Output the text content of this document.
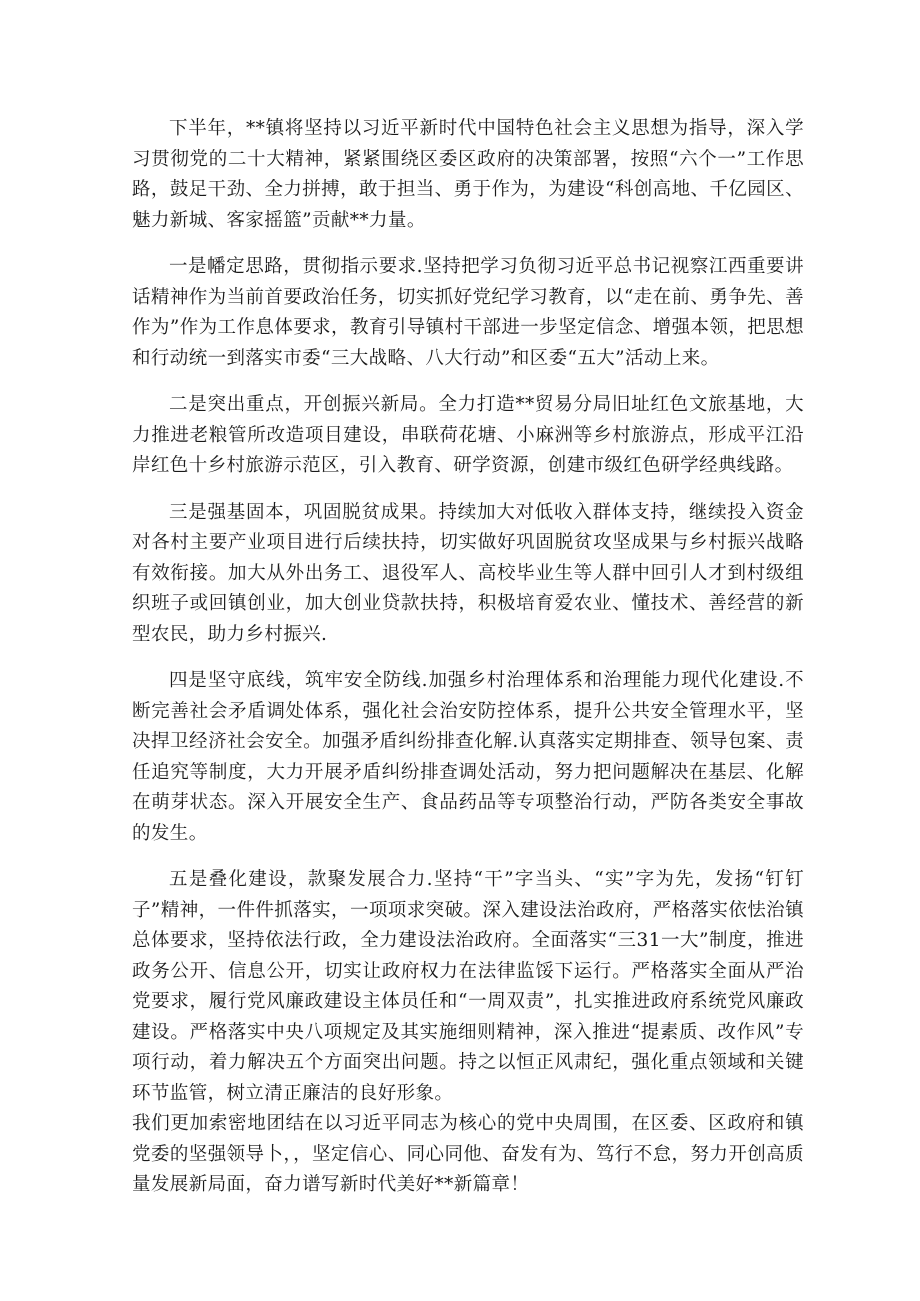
下半年，**镇将坚持以习近平新时代中国特色社会主义思想为指导，深入学习贯彻党的二十大精神，紧紧围绕区委区政府的决策部署，按照“六个一”工作思路，鼓足干劲、全力拼搏，敢于担当、勇于作为，为建设“科创高地、千亿园区、魅力新城、客家摇篮”贡献**力量。

一是幡定思路，贯彻指示要求.坚持把学习负彻习近平总书记视察江西重要讲话精神作为当前首要政治任务，切实抓好党纪学习教育，以“走在前、勇争先、善作为”作为工作息体要求，教育引导镇村干部进一步坚定信念、增强本领，把思想和行动统一到落实市委“三大战略、八大行动”和区委“五大”活动上来。

二是突出重点，开创振兴新局。全力打造**贸易分局旧址红色文旅基地，大力推进老粮管所改造项目建设，串联荷花塘、小麻洲等乡村旅游点，形成平江沿岸红色十乡村旅游示范区，引入教育、研学资源，创建市级红色研学经典线路。

三是强基固本，巩固脱贫成果。持续加大对低收入群体支持，继续投入资金对各村主要产业项目进行后续扶持，切实做好巩固脱贫攻坚成果与乡村振兴战略有效衔接。加大从外出务工、退役军人、高校毕业生等人群中回引人才到村级组织班子或回镇创业，加大创业贷款扶持，积极培育爱农业、懂技术、善经营的新型农民，助力乡村振兴.

四是坚守底线，筑牢安全防线.加强乡村治理体系和治理能力现代化建设.不断完善社会矛盾调处体系，强化社会治安防控体系，提升公共安全管理水平，坚决捍卫经济社会安全。加强矛盾纠纷排查化解.认真落实定期排查、领导包案、责任追究等制度，大力开展矛盾纠纷排查调处活动，努力把问题解决在基层、化解在萌芽状态。深入开展安全生产、食品药品等专项整治行动，严防各类安全事故的发生。

五是叠化建设，款聚发展合力.坚持“干”字当头、“实”字为先，发扬“钉钉子”精神，一件件抓落实，一项项求突破。深入建设法治政府，严格落实依怯治镇总体要求，坚持依法行政，全力建设法治政府。全面落实“三31一大”制度，推进政务公开、信息公开，切实让政府权力在法律监馁下运行。严格落实全面从严治党要求，履行党风廉政建设主体员任和“一周双责”，扎实推进政府系统党风廉政建设。严格落实中央八项规定及其实施细则精神，深入推进“提素质、改作风”专项行动，着力解决五个方面突出问题。持之以恒正风肃纪，强化重点领域和关键环节监管，树立清正廉洁的良好形象。

我们更加索密地团结在以习近平同志为核心的党中央周围，在区委、区政府和镇党委的坚强领导卜，，坚定信心、同心同他、奋发有为、笃行不怠，努力开创高质量发展新局面，奋力谱写新时代美好**新篇章！
